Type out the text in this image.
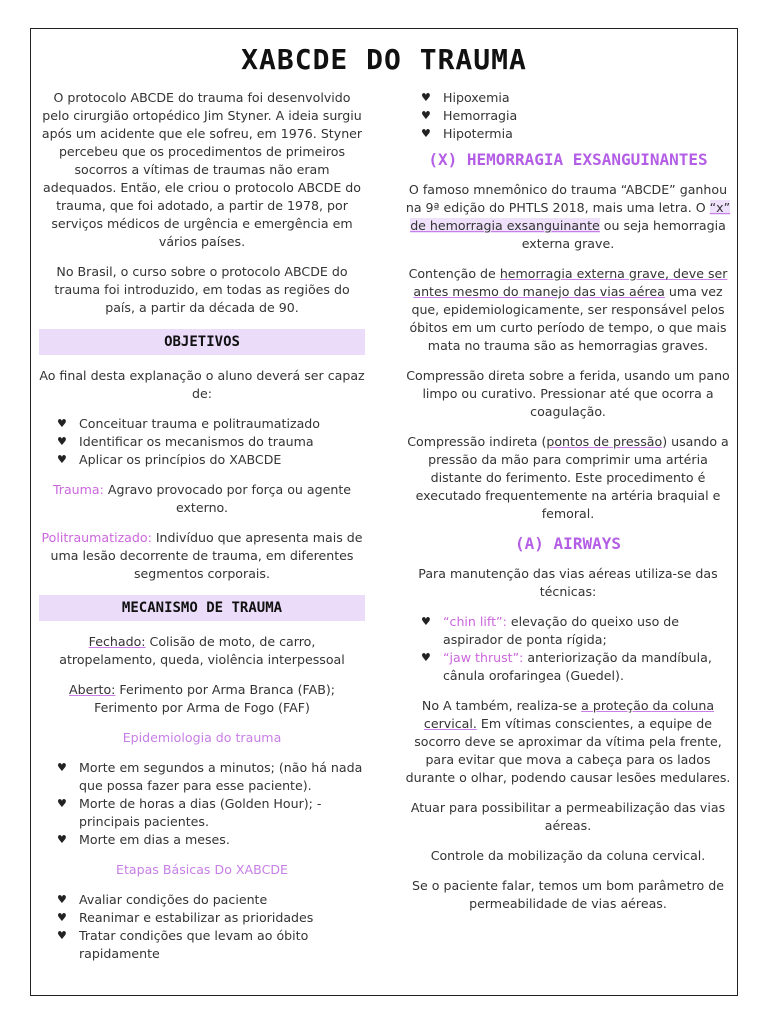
XABCDE DO TRAUMA

O protocolo ABCDE do trauma foi desenvolvido pelo cirurgião ortopédico Jim Styner. A ideia surgiu após um acidente que ele sofreu, em 1976. Styner percebeu que os procedimentos de primeiros socorros a vítimas de traumas não eram adequados. Então, ele criou o protocolo ABCDE do trauma, que foi adotado, a partir de 1978, por serviços médicos de urgência e emergência em vários países.

No Brasil, o curso sobre o protocolo ABCDE do trauma foi introduzido, em todas as regiões do país, a partir da década de 90.

OBJETIVOS

Ao final desta explanação o aluno deverá ser capaz de:

♥ Conceituar trauma e politraumatizado
♥ Identificar os mecanismos do trauma
♥ Aplicar os princípios do XABCDE

Trauma: Agravo provocado por força ou agente externo.

Politraumatizado: Indivíduo que apresenta mais de uma lesão decorrente de trauma, em diferentes segmentos corporais.

MECANISMO DE TRAUMA

Fechado: Colisão de moto, de carro, atropelamento, queda, violência interpessoal

Aberto: Ferimento por Arma Branca (FAB); Ferimento por Arma de Fogo (FAF)

Epidemiologia do trauma
♥ Morte em segundos a minutos; (não há nada que possa fazer para esse paciente).
♥ Morte de horas a dias (Golden Hour); - principais pacientes.
♥ Morte em dias a meses.
Etapas Básicas Do XABCDE
♥ Avaliar condições do paciente
♥ Reanimar e estabilizar as prioridades
♥ Tratar condições que levam ao óbito rapidamente
♥ Hipoxemia
♥ Hemorragia
♥ Hipotermia
(X) HEMORRAGIA EXSANGUINANTES

O famoso mnemônico do trauma “ABCDE” ganhou na 9ª edição do PHTLS 2018, mais uma letra. O “x” de hemorragia exsanguinante ou seja hemorragia externa grave.

Contenção de hemorragia externa grave, deve ser antes mesmo do manejo das vias aérea uma vez que, epidemiologicamente, ser responsável pelos óbitos em um curto período de tempo, o que mais mata no trauma são as hemorragias graves.

Compressão direta sobre a ferida, usando um pano limpo ou curativo. Pressionar até que ocorra a coagulação.

Compressão indireta (pontos de pressão) usando a pressão da mão para comprimir uma artéria distante do ferimento. Este procedimento é executado frequentemente na artéria braquial e femoral.

(A) AIRWAYS

Para manutenção das vias aéreas utiliza-se das técnicas:

♥ “chin lift”: elevação do queixo uso de aspirador de ponta rígida;
♥ “jaw thrust”: anteriorização da mandíbula, cânula orofaringea (Guedel).

No A também, realiza-se a proteção da coluna cervical. Em vítimas conscientes, a equipe de socorro deve se aproximar da vítima pela frente, para evitar que mova a cabeça para os lados durante o olhar, podendo causar lesões medulares.

Atuar para possibilitar a permeabilização das vias aéreas.

Controle da mobilização da coluna cervical.

Se o paciente falar, temos um bom parâmetro de permeabilidade de vias aéreas.
